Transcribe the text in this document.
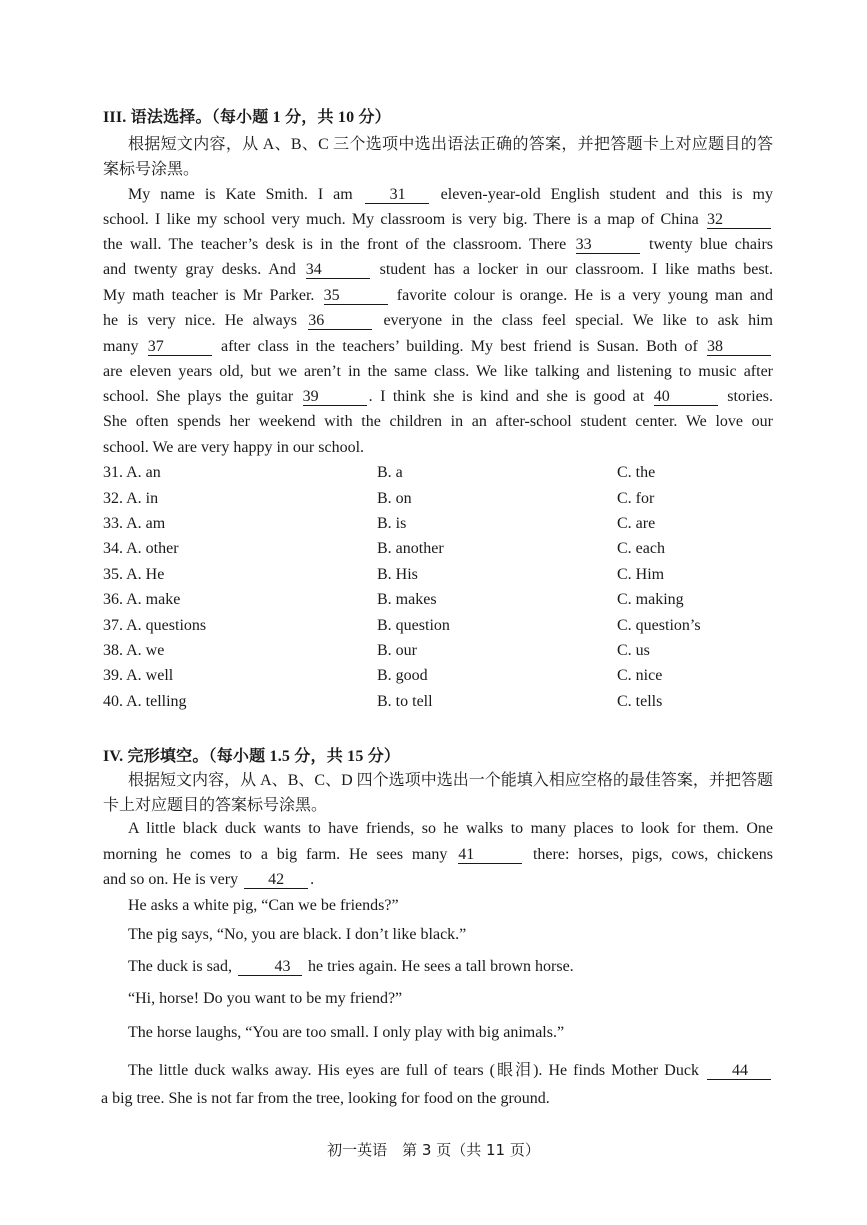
III. 语法选择。（每小题 1 分，共 10 分）
根据短文内容，从 A、B、C 三个选项中选出语法正确的答案，并把答题卡上对应题目的答案标号涂黑。
My name is Kate Smith. I am 31 eleven-year-old English student and this is my
school. I like my school very much. My classroom is very big. There is a map of China 32
the wall. The teacher’s desk is in the front of the classroom. There 33	twenty blue chairs
and twenty gray desks. And 34	student has a locker in our classroom. I like maths best.
My math teacher is Mr Parker. 35	favorite colour is orange. He is a very young man and
he is very nice. He always 36	everyone in the class feel special. We like to ask him
many 37	after class in the teachers’ building. My best friend is Susan. Both of 38
are eleven years old, but we aren’t in the same class. We like talking and listening to music after
school. She plays the guitar 39	. I think she is kind and she is good at 40	stories.
She often spends her weekend with the children in an after-school student center. We love our
school. We are very happy in our school.
31. A. an	B. a	C. the
32. A. in	B. on	C. for
33. A. am	B. is	C. are
34. A. other	B. another	C. each
35. A. He	B. His	C. Him
36. A. make	B. makes	C. making
37. A. questions	B. question	C. question’s
38. A. we	B. our	C. us
39. A. well	B. good	C. nice
40. A. telling	B. to tell	C. tells
IV. 完形填空。（每小题 1.5 分，共 15 分）
根据短文内容，从 A、B、C、D 四个选项中选出一个能填入相应空格的最佳答案，并把答题卡上对应题目的答案标号涂黑。
A little black duck wants to have friends, so he walks to many places to look for them. One
morning he comes to a big farm. He sees many 41	there: horses, pigs, cows, chickens
and so on. He is very 42 .
He asks a white pig, “Can we be friends?”
The pig says, “No, you are black. I don’t like black.”
The duck is sad, 43 he tries again. He sees a tall brown horse.
“Hi, horse! Do you want to be my friend?”
The horse laughs, “You are too small. I only play with big animals.”
The little duck walks away. His eyes are full of tears (眼泪). He finds Mother Duck 44
a big tree. She is not far from the tree, looking for food on the ground.
初一英语　第 3 页（共 11 页）
